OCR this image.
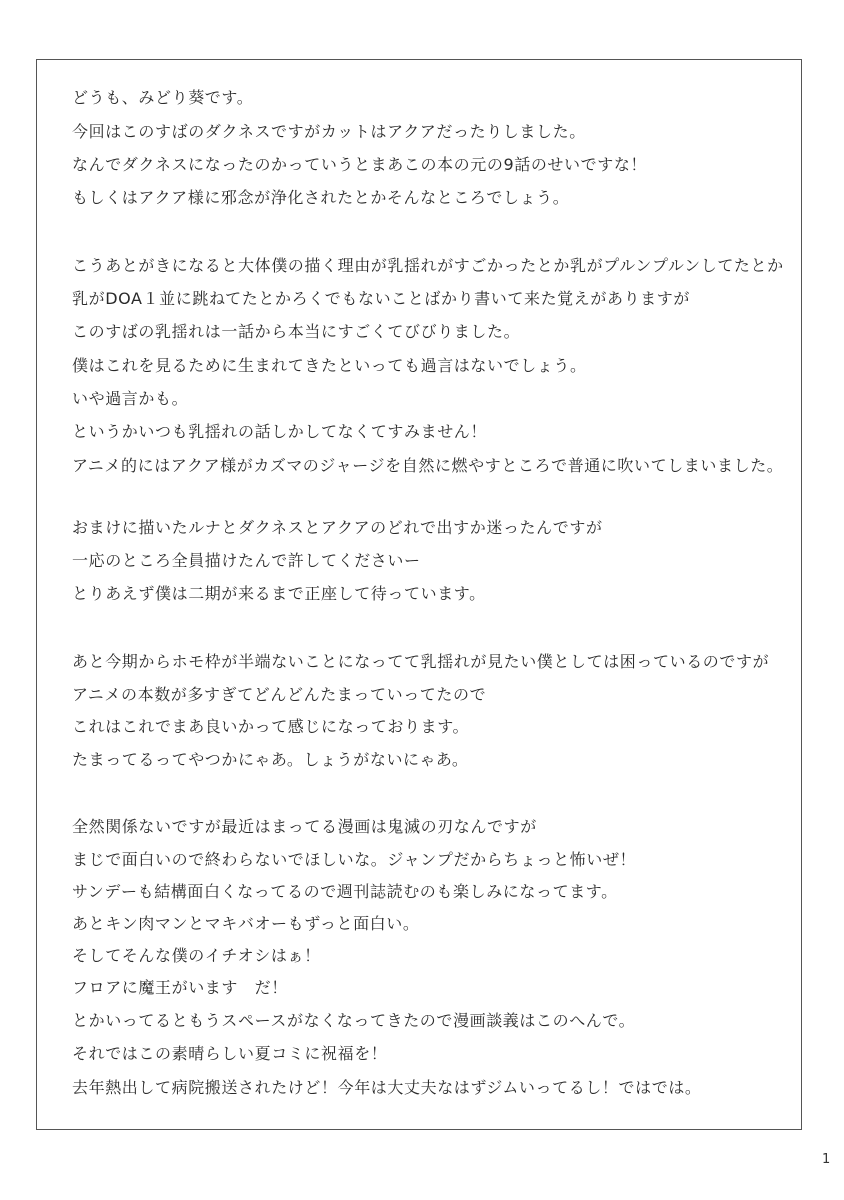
どうも、みどり葵です。
今回はこのすばのダクネスですがカットはアクアだったりしました。
なんでダクネスになったのかっていうとまあこの本の元の9話のせいですな！
もしくはアクア様に邪念が浄化されたとかそんなところでしょう。
こうあとがきになると大体僕の描く理由が乳揺れがすごかったとか乳がプルンプルンしてたとか
乳がDOA１並に跳ねてたとかろくでもないことばかり書いて来た覚えがありますが
このすばの乳揺れは一話から本当にすごくてびびりました。
僕はこれを見るために生まれてきたといっても過言はないでしょう。
いや過言かも。
というかいつも乳揺れの話しかしてなくてすみません！
アニメ的にはアクア様がカズマのジャージを自然に燃やすところで普通に吹いてしまいました。
おまけに描いたルナとダクネスとアクアのどれで出すか迷ったんですが
一応のところ全員描けたんで許してくださいー
とりあえず僕は二期が来るまで正座して待っています。
あと今期からホモ枠が半端ないことになってて乳揺れが見たい僕としては困っているのですが
アニメの本数が多すぎてどんどんたまっていってたので
これはこれでまあ良いかって感じになっております。
たまってるってやつかにゃあ。しょうがないにゃあ。
全然関係ないですが最近はまってる漫画は鬼滅の刃なんですが
まじで面白いので終わらないでほしいな。ジャンプだからちょっと怖いぜ！
サンデーも結構面白くなってるので週刊誌読むのも楽しみになってます。
あとキン肉マンとマキバオーもずっと面白い。
そしてそんな僕のイチオシはぁ！
フロアに魔王がいます　だ！
とかいってるともうスペースがなくなってきたので漫画談義はこのへんで。
それではこの素晴らしい夏コミに祝福を！
去年熱出して病院搬送されたけど！今年は大丈夫なはずジムいってるし！ではでは。
1
